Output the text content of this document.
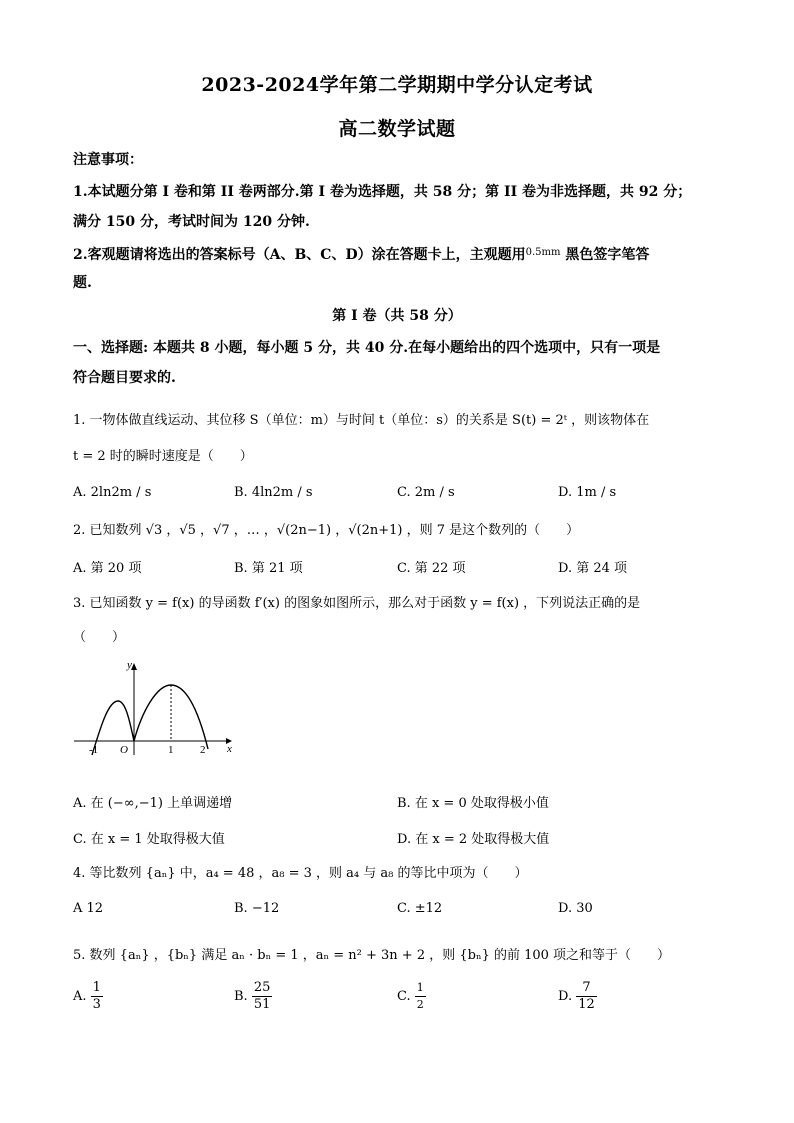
2023-2024学年第二学期期中学分认定考试
高二数学试题
注意事项：
1.本试题分第 I 卷和第 II 卷两部分.第 I 卷为选择题，共 58 分；第 II 卷为非选择题，共 92 分；
满分 150 分，考试时间为 120 分钟.
2.客观题请将选出的答案标号（A、B、C、D）涂在答题卡上，主观题用$^{0.5mm}$ 黑色签字笔答
题.
第 I 卷（共 58 分）
一、选择题: 本题共 8 小题，每小题 5 分，共 40 分.在每小题给出的四个选项中，只有一项是
符合题目要求的.
1. 一物体做直线运动、其位移 S（单位：m）与时间 t（单位：s）的关系是 S(t) = 2ᵗ ，则该物体在
t = 2 时的瞬时速度是（　　）
A. 2ln2m / s	B. 4ln2m / s	C. 2m / s	D. 1m / s
2. 已知数列 √3 ，√5 ，√7 ，… ，√(2n−1) ，√(2n+1) ，则 7 是这个数列的（　　）
A. 第 20 项	B. 第 21 项	C. 第 22 项	D. 第 24 项
3. 已知函数 y = f(x) 的导函数 f′(x) 的图象如图所示，那么对于函数 y = f(x) ，下列说法正确的是
（　　）
y
x
O
-1	1 2
A. 在 (−∞,−1) 上单调递增	B. 在 x = 0 处取得极小值
C. 在 x = 1 处取得极大值	D. 在 x = 2 处取得极大值
4. 等比数列 {aₙ} 中，a₄ = 48 ，a₈ = 3 ，则 a₄ 与 a₈ 的等比中项为（　　）
A 12	B. −12	C. ±12	D. 30
5. 数列 {aₙ} ，{bₙ} 满足 aₙ · bₙ = 1 ，aₙ = n² + 3n + 2 ，则 {bₙ} 的前 100 项之和等于（　　）
A. $\frac{1}{3}$	B. $\frac{25}{51}$	C. $\frac{1}{2}$	D. $\frac{7}{12}$
